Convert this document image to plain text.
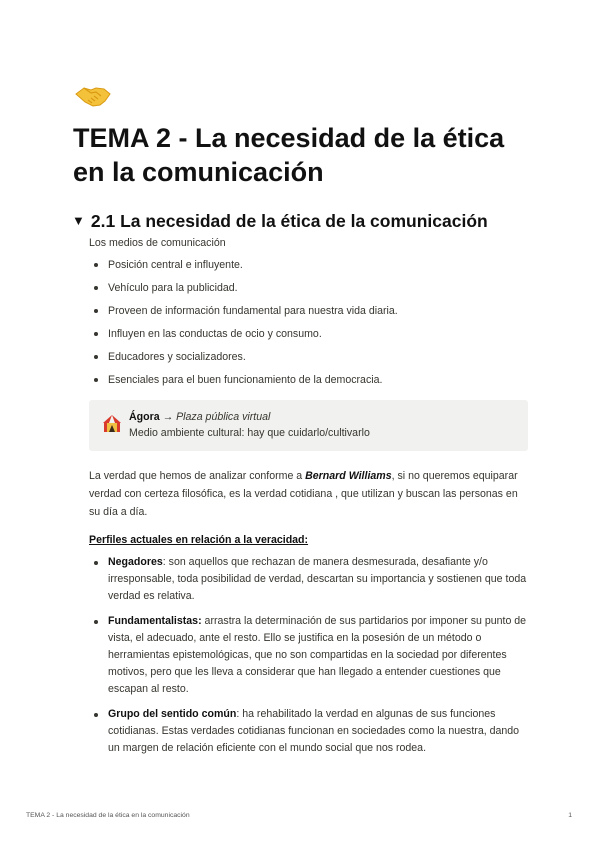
TEMA 2 - La necesidad de la ética en la comunicación
▼ 2.1 La necesidad de la ética de la comunicación

Los medios de comunicación

Posición central e influyente.
Vehículo para la publicidad.
Proveen de información fundamental para nuestra vida diaria.
Influyen en las conductas de ocio y consumo.
Educadores y socializadores.
Esenciales para el buen funcionamiento de la democracia.
Ágora → Plaza pública virtual
Medio ambiente cultural: hay que cuidarlo/cultivarlo

La verdad que hemos de analizar conforme a Bernard Williams, si no queremos equiparar verdad con certeza filosófica, es la verdad cotidiana , que utilizan y buscan las personas en su día a día.

Perfiles actuales en relación a la veracidad:
Negadores: son aquellos que rechazan de manera desmesurada, desafiante y/o irresponsable, toda posibilidad de verdad, descartan su importancia y sostienen que toda verdad es relativa.
Fundamentalistas: arrastra la determinación de sus partidarios por imponer su punto de vista, el adecuado, ante el resto. Ello se justifica en la posesión de un método o herramientas epistemológicas, que no son compartidas en la sociedad por diferentes motivos, pero que les lleva a considerar que han llegado a entender cuestiones que escapan al resto.
Grupo del sentido común: ha rehabilitado la verdad en algunas de sus funciones cotidianas. Estas verdades cotidianas funcionan en sociedades como la nuestra, dando un margen de relación eficiente con el mundo social que nos rodea.
TEMA 2 - La necesidad de la ética en la comunicación	1
